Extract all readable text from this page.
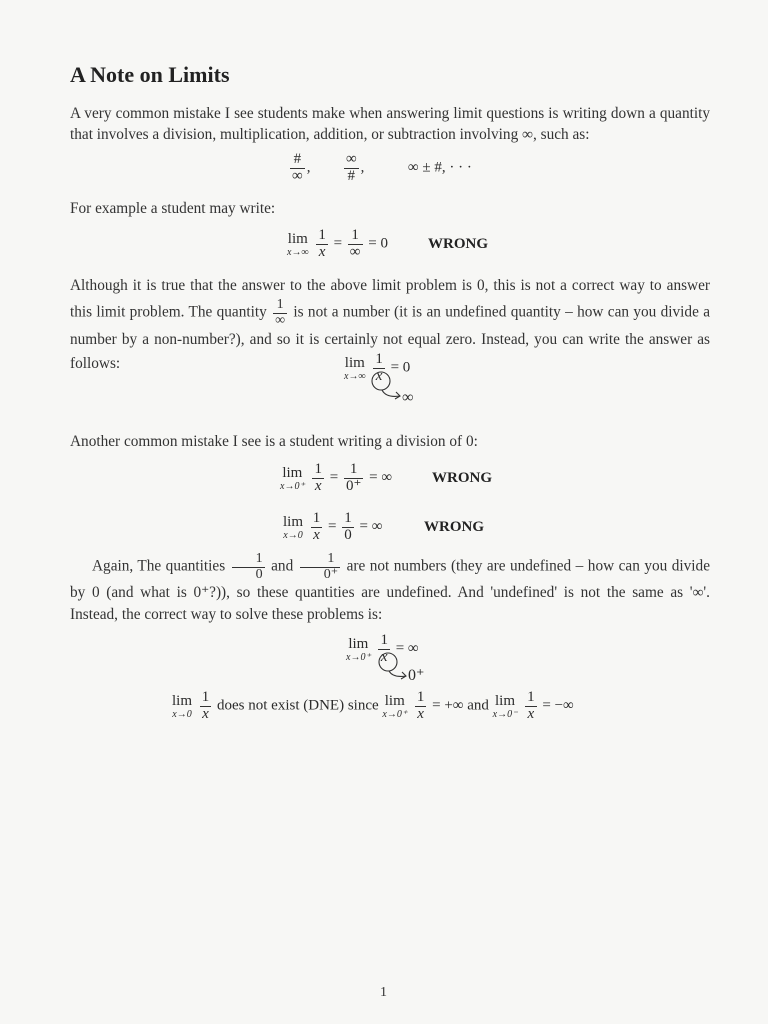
A Note on Limits

A very common mistake I see students make when answering limit questions is writing down a quantity that involves a division, multiplication, addition, or subtraction involving ∞, such as:

$\frac{\#}{\infty}$ , $\frac{\infty}{\#}$ ,	∞ ± #, · · ·

For example a student may write:

lim
x→∞
$\frac{1}{x} = \frac{1}{\infty} = 0$	WRONG
Although it is true that the answer to the above limit problem is 0, this is not a correct way to answer this limit problem. The quantity $\frac{1}{\infty}$ is not a number (it is an undefined quantity – how can you divide a number by a non-number?), and so it is certainly not equal zero. Instead, you can write the answer as follows:	lim
x→∞
$\frac{1}{x} = 0$
∞

Another common mistake I see is a student writing a division of 0:

lim
x→0⁺
$\frac{1}{x} = \frac{1}{0^+}$ = ∞	WRONG
lim
x→0
$\frac{1}{x} = \frac{1}{0}$ = ∞	WRONG
Again, The quantities $\frac{1}{0}$ and $\frac{1}{0^+}$ are not numbers (they are undefined – how can you divide by 0 (and what is 0⁺?)), so these quantities are undefined. And 'undefined' is not the same as '∞'. Instead, the correct way to solve these problems is:
lim
x→0⁺
$\frac{1}{x}$ = ∞
0⁺
lim
x→0
$\frac{1}{x}$ does not exist (DNE) since lim
x→0⁺
$\frac{1}{x}$ = +∞ and lim
x→0⁻
$\frac{1}{x}$ = −∞
1
